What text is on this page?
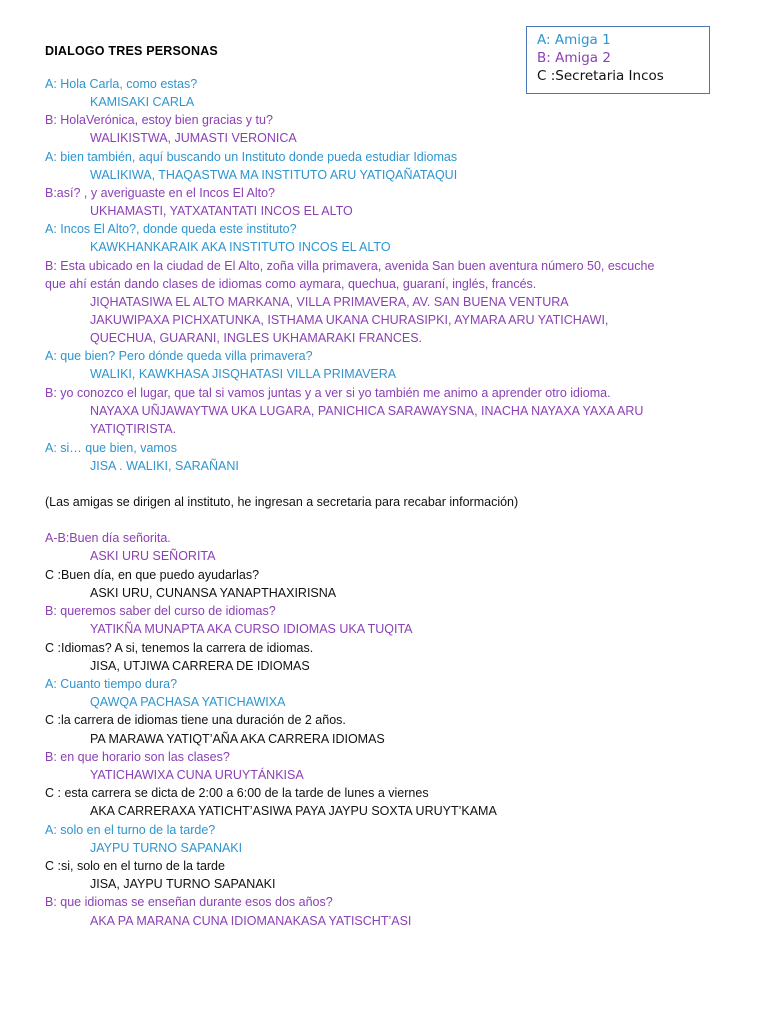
A: Amiga 1
B: Amiga 2
C :Secretaria Incos
DIALOGO TRES PERSONAS
A: Hola Carla, como estas?
KAMISAKI CARLA
B: HolaVerónica, estoy bien gracias y tu?
WALIKISTWA, JUMASTI VERONICA
A: bien también, aquí buscando un Instituto donde pueda estudiar Idiomas
WALIKIWA, THAQASTWA MA INSTITUTO ARU YATIQAÑATAQUI
B:así? , y averiguaste en el Incos El Alto?
UKHAMASTI, YATXATANTATI INCOS EL ALTO
A: Incos El Alto?, donde queda este instituto?
KAWKHANKARAIK AKA INSTITUTO INCOS EL ALTO
B: Esta ubicado en la ciudad de El Alto, zoña villa primavera, avenida San buen aventura número 50, escuche
que ahí están dando clases de idiomas como aymara, quechua, guaraní, inglés, francés.
JIQHATASIWA EL ALTO MARKANA, VILLA PRIMAVERA, AV. SAN BUENA VENTURA
JAKUWIPAXA PICHXATUNKA, ISTHAMA UKANA CHURASIPKI, AYMARA ARU YATICHAWI,
QUECHUA, GUARANI, INGLES UKHAMARAKI FRANCES.
A: que bien? Pero dónde queda villa primavera?
WALIKI, KAWKHASA JISQHATASI VILLA PRIMAVERA
B: yo conozco el lugar, que tal si vamos juntas y a ver si yo también me animo a aprender otro idioma.
NAYAXA UÑJAWAYTWA UKA LUGARA, PANICHICA SARAWAYSNA, INACHA NAYAXA YAXA ARU
YATIQTIRISTA.
A: si… que bien, vamos
JISA . WALIKI, SARAÑANI
(Las amigas se dirigen al instituto, he ingresan a secretaria para recabar información)
A-B:Buen día señorita.
ASKI URU SEÑORITA
C :Buen día, en que puedo ayudarlas?
ASKI URU, CUNANSA YANAPTHAXIRISNA
B: queremos saber del curso de idiomas?
YATIKÑA MUNAPTA AKA CURSO IDIOMAS UKA TUQITA
C :Idiomas? A si, tenemos la carrera de idiomas.
JISA, UTJIWA CARRERA DE IDIOMAS
A: Cuanto tiempo dura?
QAWQA PACHASA YATICHAWIXA
C :la carrera de idiomas tiene una duración de 2 años.
PA MARAWA YATIQT’AÑA AKA CARRERA IDIOMAS
B: en que horario son las clases?
YATICHAWIXA CUNA URUYTÁNKISA
C : esta carrera se dicta de 2:00 a 6:00 de la tarde de lunes a viernes
AKA CARRERAXA YATICHT’ASIWA PAYA JAYPU SOXTA URUYT’KAMA
A: solo en el turno de la tarde?
JAYPU TURNO SAPANAKI
C :si, solo en el turno de la tarde
JISA, JAYPU TURNO SAPANAKI
B: que idiomas se enseñan durante esos dos años?
AKA PA MARANA CUNA IDIOMANAKASA YATISCHT’ASI
